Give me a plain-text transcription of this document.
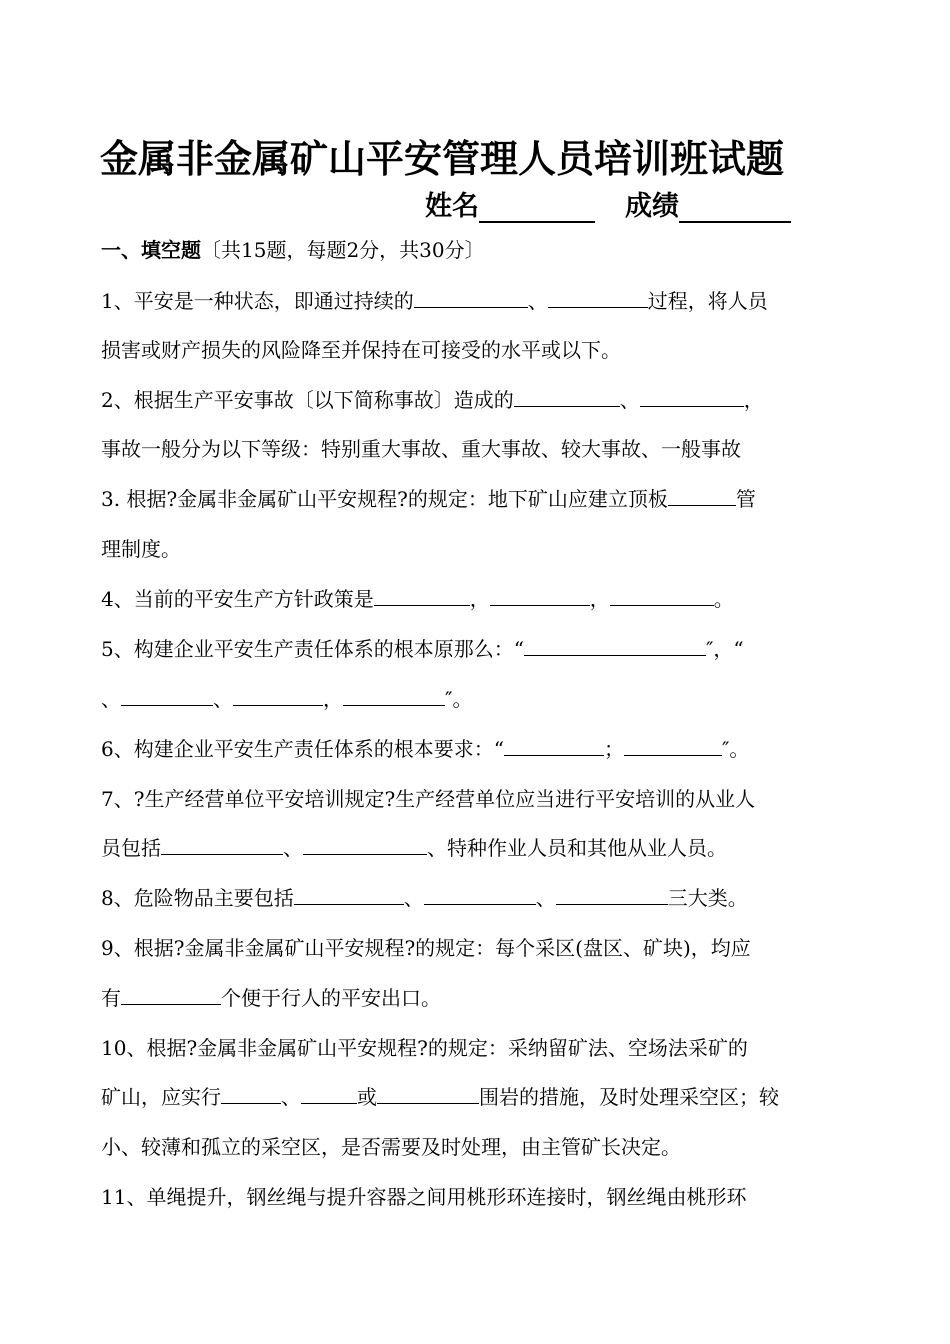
金属非金属矿山平安管理人员培训班试题
姓名	成绩
一、填空题〔共15题，每题2分，共30分〕
1、平安是一种状态，即通过持续的	、	过程，将人员
损害或财产损失的风险降至并保持在可接受的水平或以下。
2、根据生产平安事故〔以下简称事故〕造成的	、	，
事故一般分为以下等级：特别重大事故、重大事故、较大事故、一般事故
3. 根据?金属非金属矿山平安规程?的规定：地下矿山应建立顶板	管
理制度。
4、当前的平安生产方针政策是	，	，	。
5、构建企业平安生产责任体系的根本原那么：“	″，“
、	、	，	″。
6、构建企业平安生产责任体系的根本要求：“	；	″。
7、?生产经营单位平安培训规定?生产经营单位应当进行平安培训的从业人
员包括	、	、特种作业人员和其他从业人员。
8、危险物品主要包括	、	、	三大类。
9、根据?金属非金属矿山平安规程?的规定：每个采区(盘区、矿块)，均应
有	个便于行人的平安出口。
10、根据?金属非金属矿山平安规程?的规定：采纳留矿法、空场法采矿的
矿山，应实行	、	或	围岩的措施，及时处理采空区；较
小、较薄和孤立的采空区，是否需要及时处理，由主管矿长决定。
11、单绳提升，钢丝绳与提升容器之间用桃形环连接时，钢丝绳由桃形环
